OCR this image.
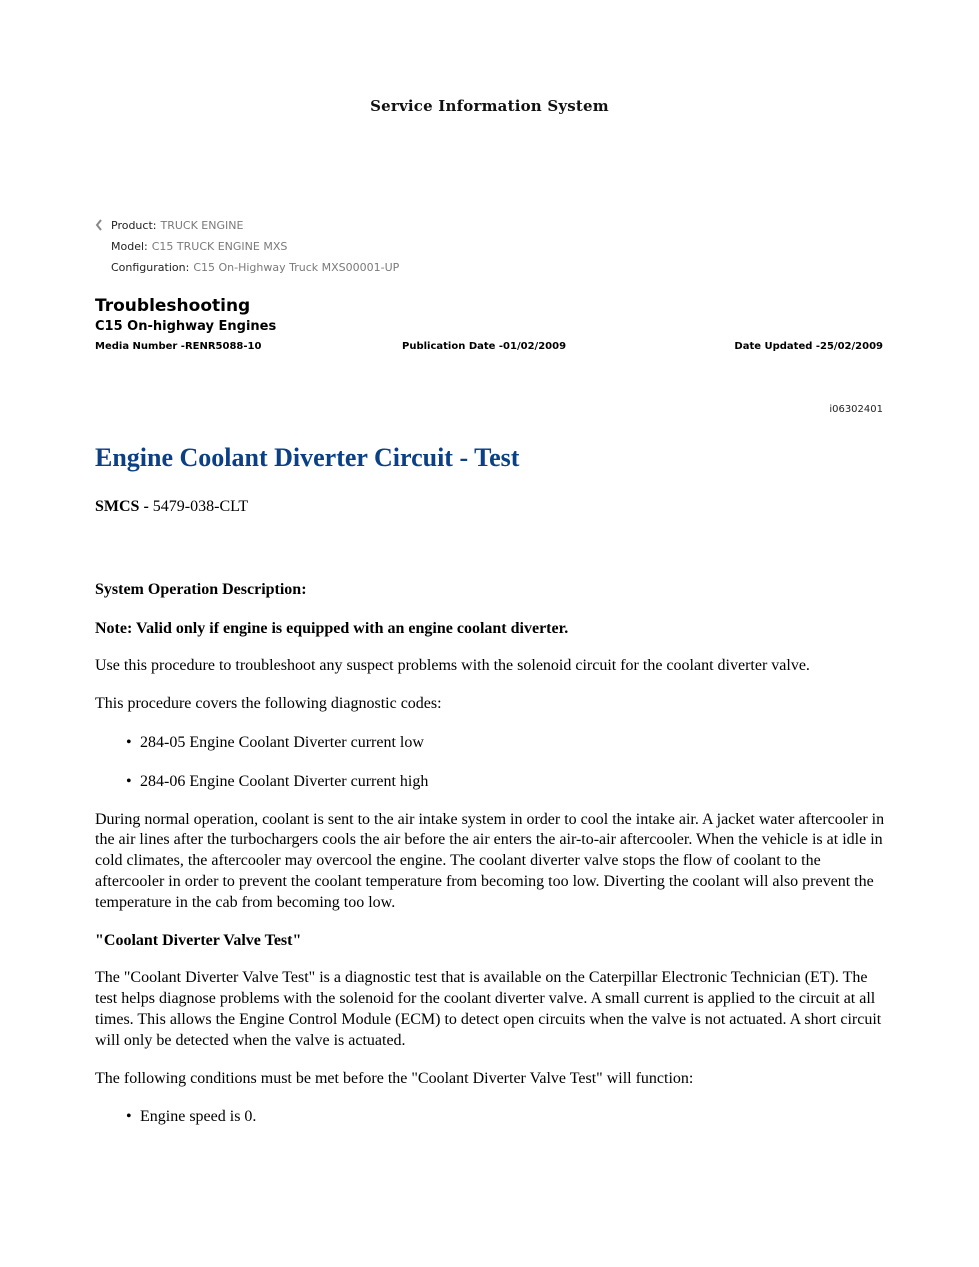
Service Information System
Product: TRUCK ENGINE
Model: C15 TRUCK ENGINE MXS
Configuration: C15 On-Highway Truck MXS00001-UP
Troubleshooting
C15 On-highway Engines
Media Number -RENR5088-10	Publication Date -01/02/2009	Date Updated -25/02/2009
i06302401
Engine Coolant Diverter Circuit - Test

SMCS - 5479-038-CLT

System Operation Description:

Note: Valid only if engine is equipped with an engine coolant diverter.

Use this procedure to troubleshoot any suspect problems with the solenoid circuit for the coolant diverter valve.

This procedure covers the following diagnostic codes:

• 284-05 Engine Coolant Diverter current low
• 284-06 Engine Coolant Diverter current high

During normal operation, coolant is sent to the air intake system in order to cool the intake air. A jacket water aftercooler in the air lines after the turbochargers cools the air before the air enters the air-to-air aftercooler. When the vehicle is at idle in cold climates, the aftercooler may overcool the engine. The coolant diverter valve stops the flow of coolant to the aftercooler in order to prevent the coolant temperature from becoming too low. Diverting the coolant will also prevent the temperature in the cab from becoming too low.

"Coolant Diverter Valve Test"

The "Coolant Diverter Valve Test" is a diagnostic test that is available on the Caterpillar Electronic Technician (ET). The test helps diagnose problems with the solenoid for the coolant diverter valve. A small current is applied to the circuit at all times. This allows the Engine Control Module (ECM) to detect open circuits when the valve is not actuated. A short circuit will only be detected when the valve is actuated.

The following conditions must be met before the "Coolant Diverter Valve Test" will function:

• Engine speed is 0.
